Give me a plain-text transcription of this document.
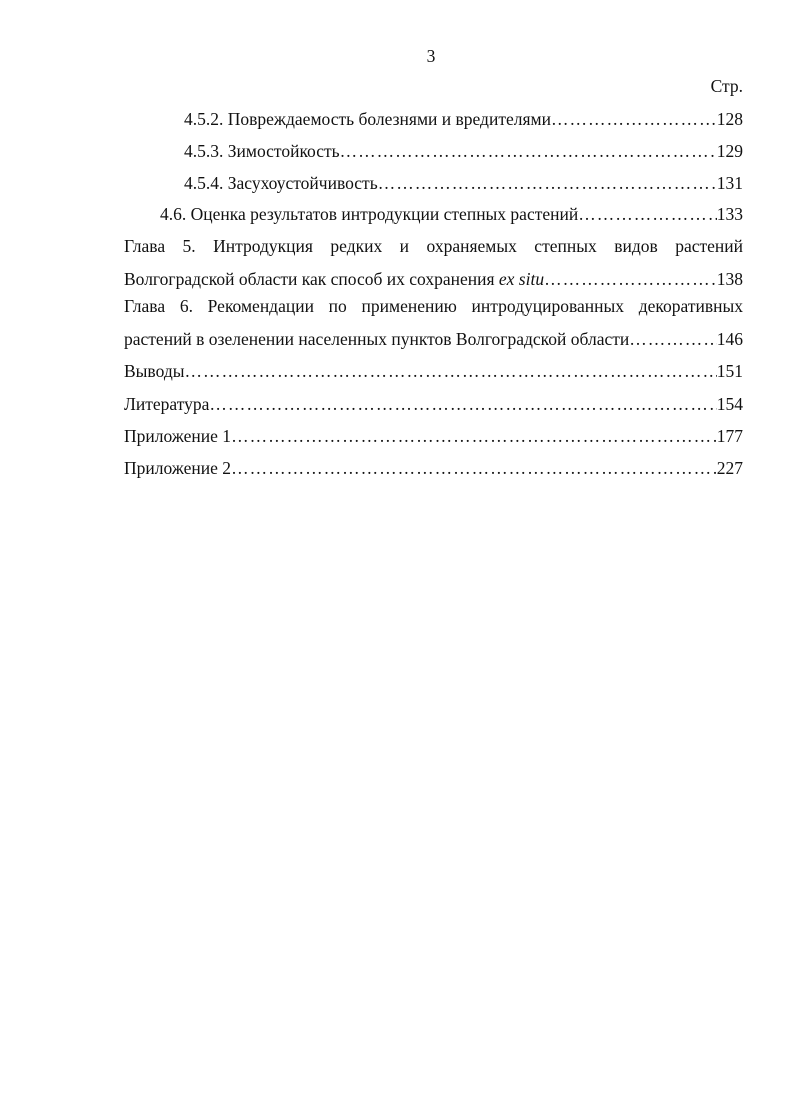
3
Стр.
4.5.2. Повреждаемость болезнями и вредителями ……………………………………………………………………………………………………………	128
4.5.3. Зимостойкость ……………………………………………………………………………………………………………	129
4.5.4. Засухоустойчивость ……………………………………………………………………………………………………………	131
4.6. Оценка результатов интродукции степных растений ……………………………………………………………………………………………………………	133
Глава 5. Интродукция редких и охраняемых степных видов растений
Волгоградской области как способ их сохранения ex situ ……………………………………………………………………………………………………………	138
Глава 6. Рекомендации по применению интродуцированных декоративных
растений в озеленении населенных пунктов Волгоградской области ……………………………………………………………………………………………………………	146
Выводы ……………………………………………………………………………………………………………	151
Литература ……………………………………………………………………………………………………………	154
Приложение 1 ……………………………………………………………………………………………………………	177
Приложение 2 ……………………………………………………………………………………………………………	227
